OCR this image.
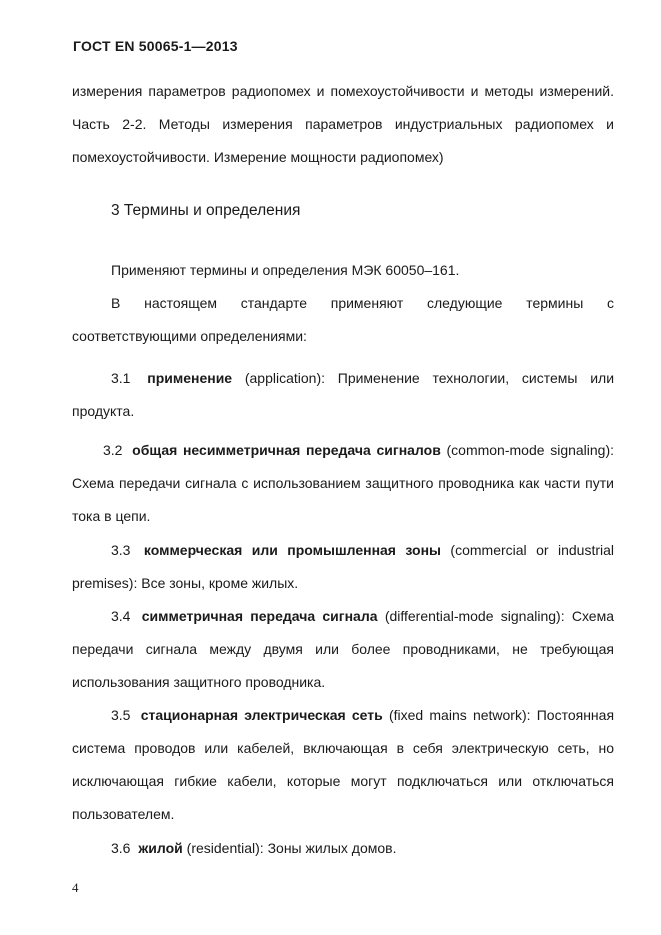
ГОСТ EN 50065-1—2013

измерения параметров радиопомех и помехоустойчивости и методы измерений. Часть 2-2. Методы измерения параметров индустриальных радиопомех и помехоустойчивости. Измерение мощности радиопомех)

3 Термины и определения

Применяют термины и определения МЭК 60050–161.

В настоящем стандарте применяют следующие термины с соответствующими определениями:

3.1 применение (application): Применение технологии, системы или продукта.

3.2 общая несимметричная передача сигналов (common-mode signaling): Схема передачи сигнала с использованием защитного проводника как части пути тока в цепи.

3.3 коммерческая или промышленная зоны (commercial or industrial premises): Все зоны, кроме жилых.

3.4 симметричная передача сигнала (differential-mode signaling): Схема передачи сигнала между двумя или более проводниками, не требующая использования защитного проводника.

3.5 стационарная электрическая сеть (fixed mains network): Постоянная система проводов или кабелей, включающая в себя электрическую сеть, но исключающая гибкие кабели, которые могут подключаться или отключаться пользователем.

3.6 жилой (residential): Зоны жилых домов.

4
